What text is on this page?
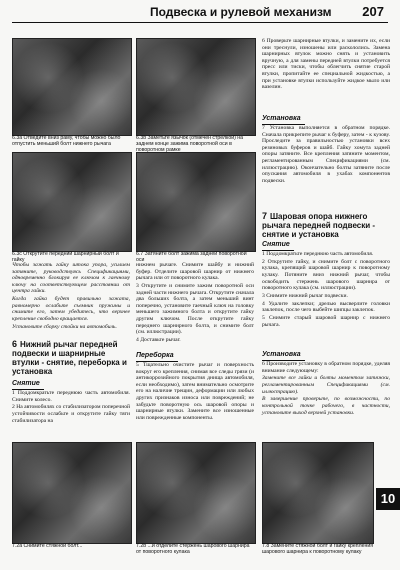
Подвеска и рулевой механизм 207
6.3а Отведите вниз раму, чтобы можно было отпустить меньший болт нижнего рычага
6.3b Заметьте язычок (отмечен стрелкой) на заднем конце зажима поворотной оси в поворотном рамке

6 Проверьте шарнирные втулки, и замените их, если они треснули, изношены или раскололись. Замена шарнирных втулок можно снять и установить вручную, а для замены передней втулки потребуется пресс или тиски, чтобы облегчить снятие старой втулки, пропитайте ее специальной жидкостью, а при установке втулки используйте жидкое мыло или вазелин.

Установка

7 Установка выполняется в обратном порядке. Сначала прикрепите рычаг к буферу, затем - к кузову. Проследите за правильностью установки всех резиновых буферов и шайб. Гайку хомута задней опоры затяните. Все крепления затяните моментом, регламентированным Спецификациями (см. иллюстрацию). Окончательно болты затяните после опускания автомобиля в ухабах компонентов подвески.

6.3с Открутите передний шарнирный болт и гайку
6.7 Затяните болт зажима задней поворотной оси
7 Шаровая опора нижнего рычага передней подвески - снятие и установка
Снятие

1 Поддомкратьте переднюю часть автомобиля.

2 Открутите гайку, и снимите болт с поворотного кулака, крепящий шаровой шарнир к поворотному кулаку. Потяните вниз нижний рычаг, чтобы освободить стержень шарового шарнира от поворотного кулака (см. иллюстрации).

3 Снимите нижний рычаг подвески.

4 Удалите заклепки; дрелью высверлите головки заклепок, после чего выбейте шипцы заклепок.

5 Снимите старый шаровой шарнир с нижнего рычага.

Установка

6 Производите установку в обратном порядке, уделяя внимание следующему:

Замените все гайки и болты моментом затяжки, регламентированным Спецификациями (см. иллюстрацию).

В завершение проверьте, по возможности, по контрольной точке рабочего, в частности, установите выход верхней установки.

Чтобы зажать гайку штока упора, усилием затяните, руководствуясь Спецификациями, одновременно блокируя ее ключом к гаечному ключу на соответствующем расстоянии от центра гайки.

Когда гайка будет правильно зажата, равномерно ослабьте съемник пружины и снимите его, затем убедитесь, что верхнее крепление свободно вращается.

Установите сборку стойки на автомобиль.

6 Нижний рычаг передней подвески и шарнирные втулки - снятие, переборка и установка
Снятие

1 Поддомкратьте переднюю часть автомобиля. Снимите колесо.

2 На автомобилях со стабилизатором поперечной устойчивости ослабьте и открутите гайку тяги стабилизатора на

нижнем рычаге. Снимите шайбу и нижний буфер. Отделите шаровой шарнир от нижнего рычага или от поворотного кулака.

3 Открутите и снимите зажим поворотной оси задней части нижнего рычага. Открутите сначала два больших болта, а затем меньший винт поперечно, установите гаечный ключ на головку меньшего зажимного болта и открутите гайку другим ключом. После открутите гайку переднего шарнирного болта, и снимите болт (см. иллюстрации).

4 Доставьте рычаг.

Переборка

5 Тщательно очистите рычаг и поверхность вокруг его крепления, снимая все следы грязи (и антикоррозийного покрытия днища автомобиля, если необходимо), затем внимательно осмотрите его на наличие трещин, деформации или любых других признаков износа или повреждений; не забудьте поворотную ось шаровой опоры и шарнирные втулки. Замените все изношенные или поврежденные компоненты.

7.2а Снимите стяжной болт...	7.2b ...и отделите стержень шарового шарнира от поворотного кулака
7.8 Замените стяжной болт и гайку крепления шарового шарнира к поворотному кулаку
10
